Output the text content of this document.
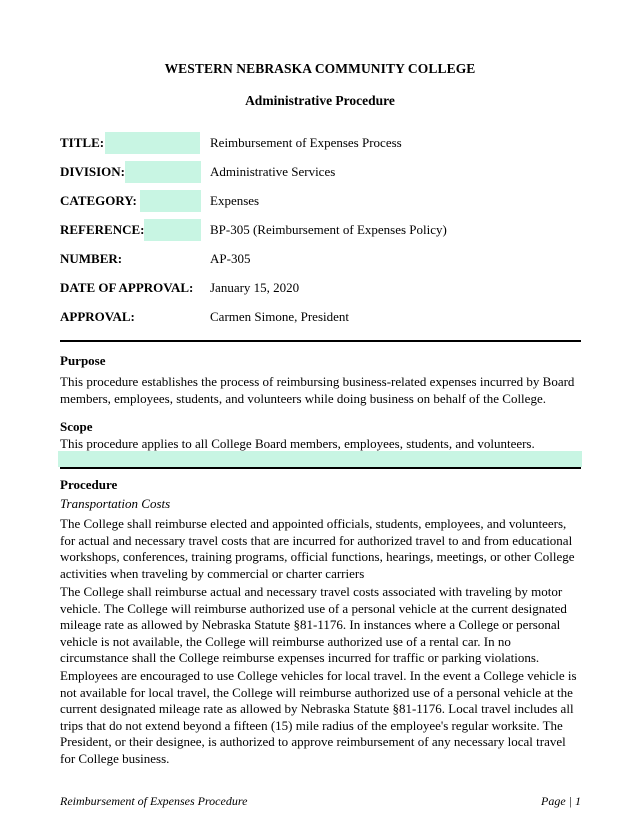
WESTERN NEBRASKA COMMUNITY COLLEGE
Administrative Procedure
TITLE:	Reimbursement of Expenses Process
DIVISION:	Administrative Services
CATEGORY:	Expenses
REFERENCE:	BP-305 (Reimbursement of Expenses Policy)
NUMBER:	AP-305
DATE OF APPROVAL: January 15, 2020
APPROVAL:	Carmen Simone, President
Purpose
This procedure establishes the process of reimbursing business-related expenses incurred by Board members, employees, students, and volunteers while doing business on behalf of the College.
Scope
This procedure applies to all College Board members, employees, students, and volunteers.
Procedure
Transportation Costs
The College shall reimburse elected and appointed officials, students, employees, and volunteers, for actual and necessary travel costs that are incurred for authorized travel to and from educational workshops, conferences, training programs, official functions, hearings, meetings, or other College activities when traveling by commercial or charter carriers
The College shall reimburse actual and necessary travel costs associated with traveling by motor vehicle. The College will reimburse authorized use of a personal vehicle at the current designated mileage rate as allowed by Nebraska Statute §81-1176. In instances where a College or personal vehicle is not available, the College will reimburse authorized use of a rental car. In no circumstance shall the College reimburse expenses incurred for traffic or parking violations.
Employees are encouraged to use College vehicles for local travel. In the event a College vehicle is not available for local travel, the College will reimburse authorized use of a personal vehicle at the current designated mileage rate as allowed by Nebraska Statute §81-1176. Local travel includes all trips that do not extend beyond a fifteen (15) mile radius of the employee's regular worksite. The President, or their designee, is authorized to approve reimbursement of any necessary local travel for College business.
Reimbursement of Expenses Procedure	Page | 1
